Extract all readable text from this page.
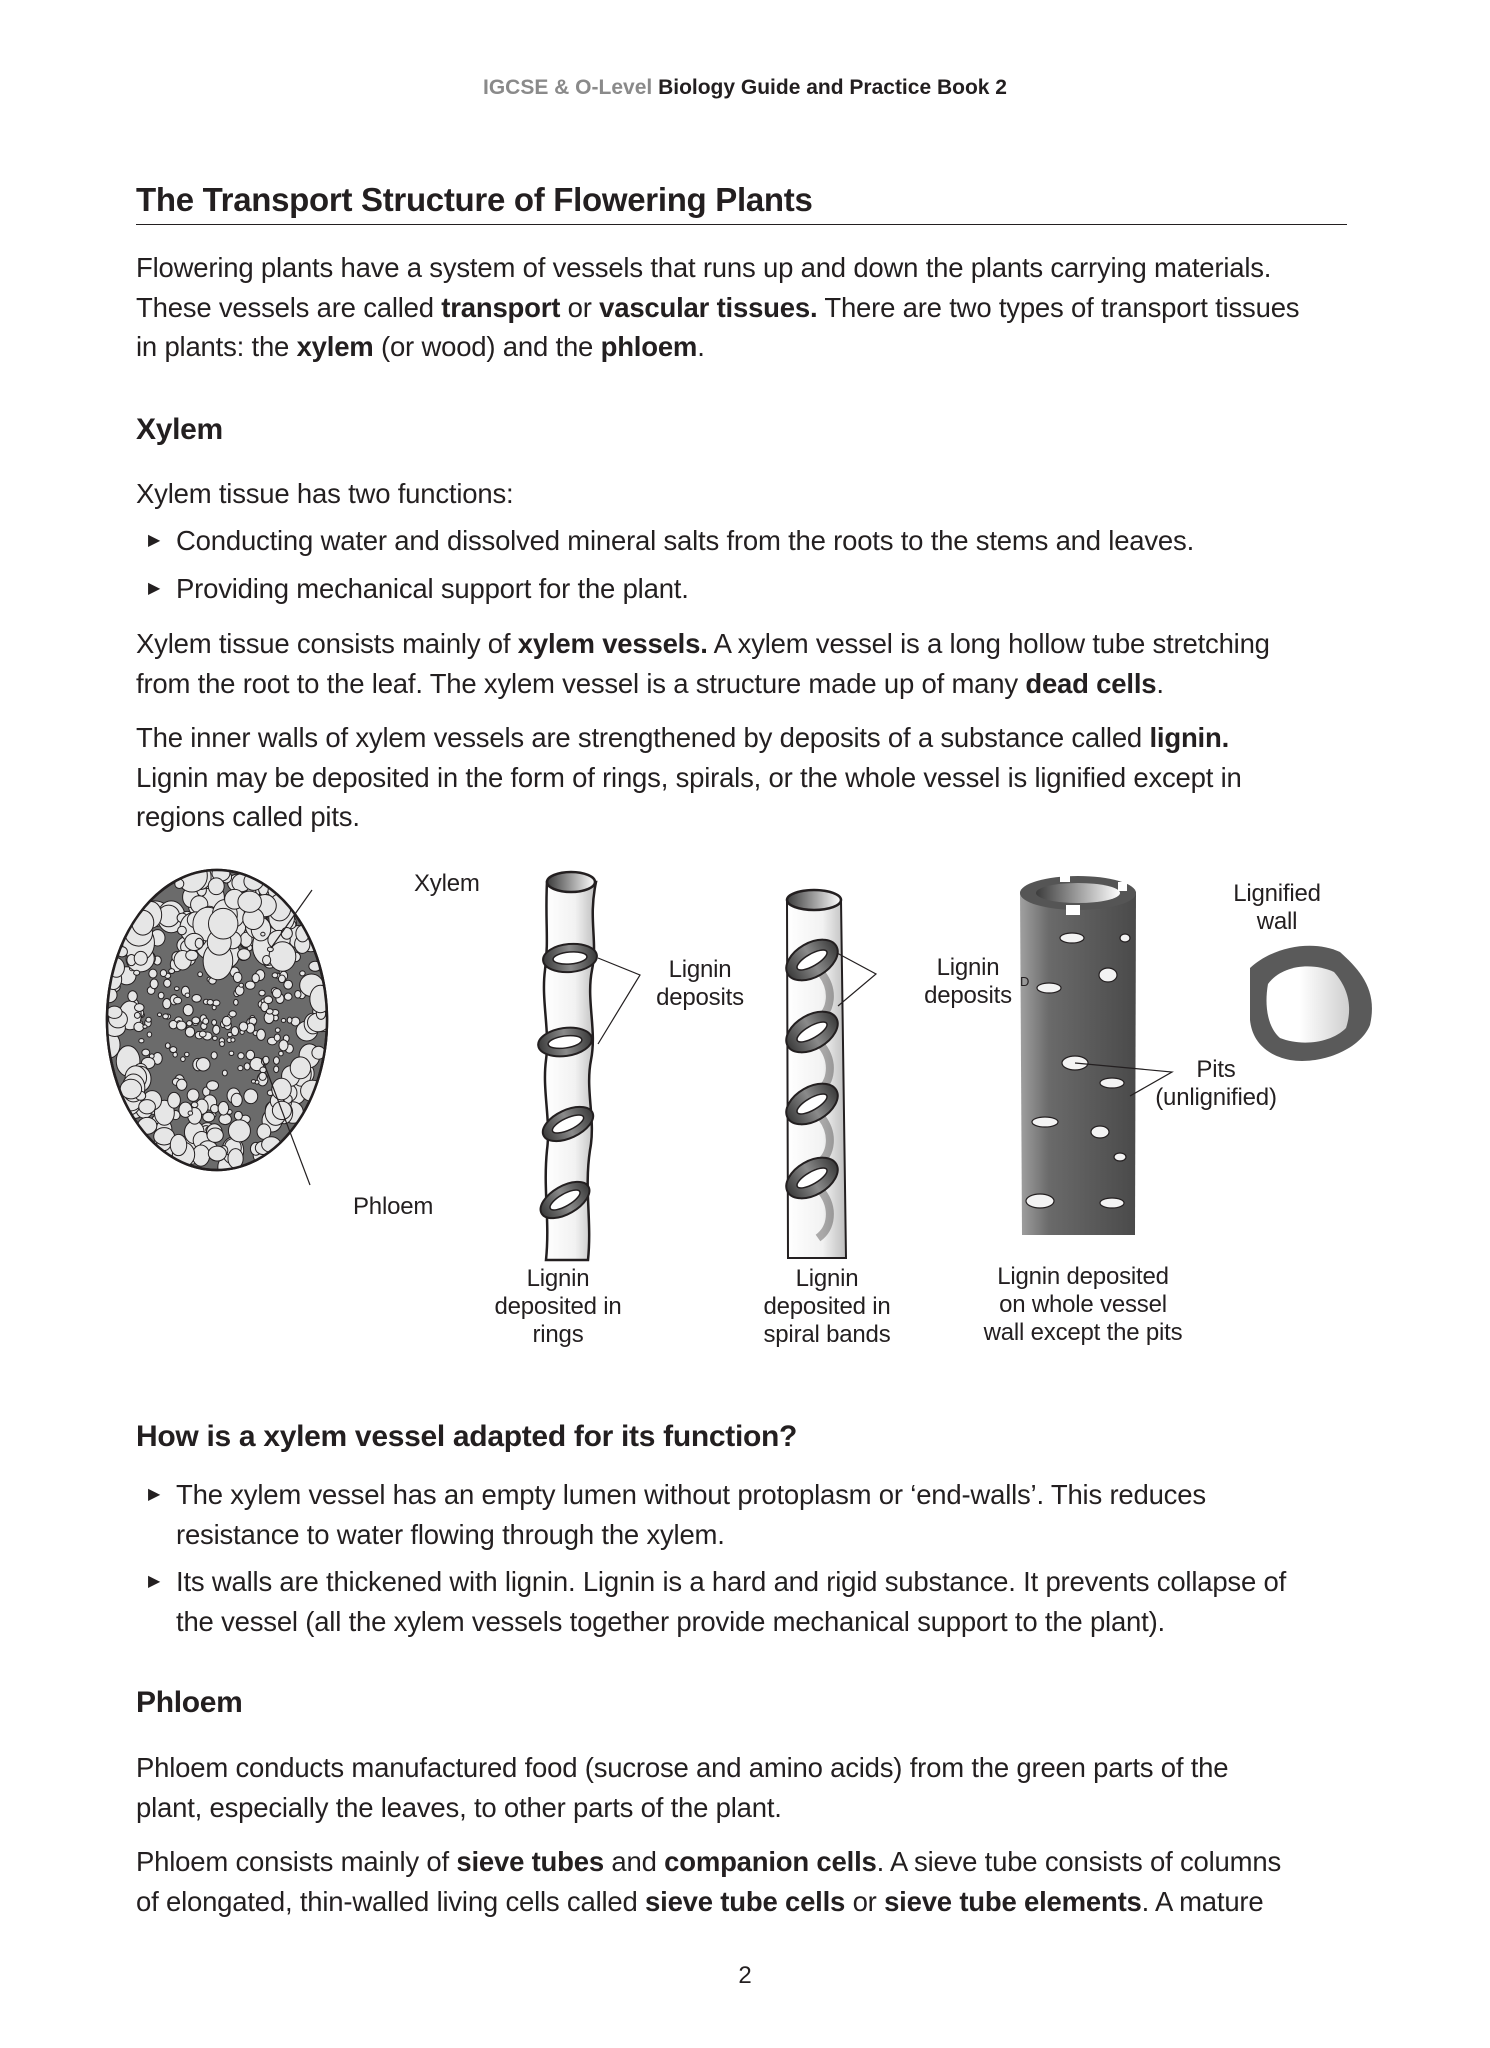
IGCSE & O-Level Biology Guide and Practice Book 2
The Transport Structure of Flowering Plants
Flowering plants have a system of vessels that runs up and down the plants carrying materials.
These vessels are called transport or vascular tissues. There are two types of transport tissues
in plants: the xylem (or wood) and the phloem.
Xylem
Xylem tissue has two functions:
▶ Conducting water and dissolved mineral salts from the roots to the stems and leaves.
▶ Providing mechanical support for the plant.
Xylem tissue consists mainly of xylem vessels. A xylem vessel is a long hollow tube stretching
from the root to the leaf. The xylem vessel is a structure made up of many dead cells.
The inner walls of xylem vessels are strengthened by deposits of a substance called lignin.
Lignin may be deposited in the form of rings, spirals, or the whole vessel is lignified except in
regions called pits.
Xylem
Phloem
Lignin
deposits
Lignin
deposits
D
Lignified
wall
Pits
(unlignified)
Lignin
deposited in
rings
Lignin
deposited in
spiral bands
Lignin deposited
on whole vessel
wall except the pits
How is a xylem vessel adapted for its function?
▶ The xylem vessel has an empty lumen without protoplasm or ‘end-walls’. This reduces
resistance to water flowing through the xylem.
▶ Its walls are thickened with lignin. Lignin is a hard and rigid substance. It prevents collapse of
the vessel (all the xylem vessels together provide mechanical support to the plant).
Phloem
Phloem conducts manufactured food (sucrose and amino acids) from the green parts of the
plant, especially the leaves, to other parts of the plant.
Phloem consists mainly of sieve tubes and companion cells. A sieve tube consists of columns
of elongated, thin-walled living cells called sieve tube cells or sieve tube elements. A mature
2
